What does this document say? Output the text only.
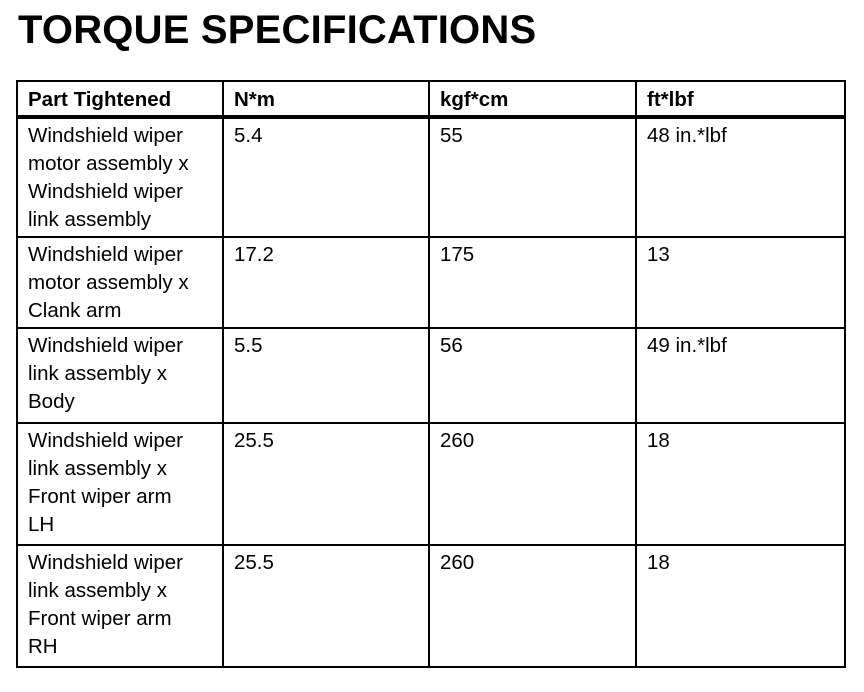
TORQUE SPECIFICATIONS
Part Tightened	N*m	kgf*cm	ft*lbf
Windshield wiper
motor assembly x
Windshield wiper
link assembly	5.4	55	48 in.*lbf
Windshield wiper
motor assembly x
Clank arm	17.2	175	13
Windshield wiper
link assembly x
Body	5.5	56	49 in.*lbf
Windshield wiper
link assembly x
Front wiper arm
LH	25.5	260	18
Windshield wiper
link assembly x
Front wiper arm
RH	25.5	260	18
